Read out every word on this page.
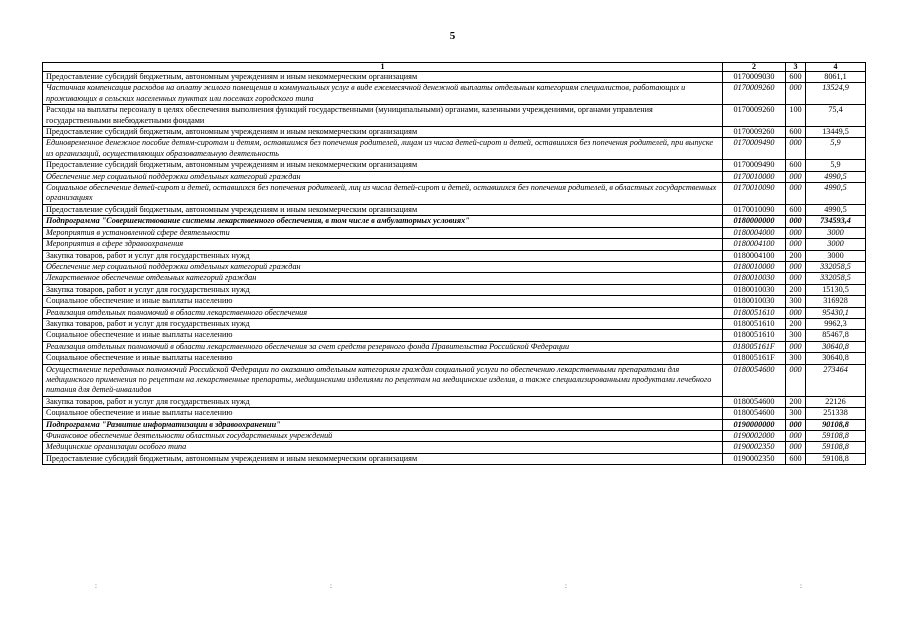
5
1	2	3	4
Предоставление субсидий бюджетным, автономным учреждениям и иным некоммерческим организациям	0170009030	600	8061,1
Частичная компенсация расходов на оплату жилого помещения и коммунальных услуг в виде ежемесячной денежной выплаты отдельным категориям специалистов, работающих и проживающих в сельских населенных пунктах или поселках городского типа	0170009260	000	13524,9
Расходы на выплаты персоналу в целях обеспечения выполнения функций государственными (муниципальными) органами, казенными учреждениями, органами управления государственными внебюджетными фондами	0170009260	100	75,4
Предоставление субсидий бюджетным, автономным учреждениям и иным некоммерческим организациям	0170009260	600	13449,5
Единовременное денежное пособие детям-сиротам и детям, оставшимся без попечения родителей, лицам из числа детей-сирот и детей, оставшихся без попечения родителей, при выпуске из организаций, осуществляющих образовательную деятельность	0170009490	000	5,9
Предоставление субсидий бюджетным, автономным учреждениям и иным некоммерческим организациям	0170009490	600	5,9
Обеспечение мер социальной поддержки отдельных категорий граждан	0170010000	000	4990,5
Социальное обеспечение детей-сирот и детей, оставшихся без попечения родителей, лиц из числа детей-сирот и детей, оставшихся без попечения родителей, в областных государственных организациях	0170010090	000	4990,5
Предоставление субсидий бюджетным, автономным учреждениям и иным некоммерческим организациям	0170010090	600	4990,5
Подпрограмма "Совершенствование системы лекарственного обеспечения, в том числе в амбулаторных условиях"	0180000000	000	734593,4
Мероприятия в установленной сфере деятельности	0180004000	000	3000
Мероприятия в сфере здравоохранения	0180004100	000	3000
Закупка товаров, работ и услуг для государственных нужд	0180004100	200	3000
Обеспечение мер социальной поддержки отдельных категорий граждан	0180010000	000	332058,5
Лекарственное обеспечение отдельных категорий граждан	0180010030	000	332058,5
Закупка товаров, работ и услуг для государственных нужд	0180010030	200	15130,5
Социальное обеспечение и иные выплаты населению	0180010030	300	316928
Реализация отдельных полномочий в области лекарственного обеспечения	0180051610	000	95430,1
Закупка товаров, работ и услуг для государственных нужд	0180051610	200	9962,3
Социальное обеспечение и иные выплаты населению	0180051610	300	85467,8
Реализация отдельных полномочий в области лекарственного обеспечения за счет средств резервного фонда Правительства Российской Федерации	018005161F	000	30640,8
Социальное обеспечение и иные выплаты населению	018005161F	300	30640,8
Осуществление переданных полномочий Российской Федерации по оказанию отдельным категориям граждан социальной услуги по обеспечению лекарственными препаратами для медицинского применения по рецептам на лекарственные препараты, медицинскими изделиями по рецептам на медицинские изделия, а также специализированными продуктами лечебного питания для детей-инвалидов	0180054600	000	273464
Закупка товаров, работ и услуг для государственных нужд	0180054600	200	22126
Социальное обеспечение и иные выплаты населению	0180054600	300	251338
Подпрограмма "Развитие информатизации в здравоохранении"	0190000000	000	90108,8
Финансовое обеспечение деятельности областных государственных учреждений	0190002000	000	59108,8
Медицинские организации особого типа	0190002350	000	59108,8
Предоставление субсидий бюджетным, автономным учреждениям и иным некоммерческим организациям	0190002350	600	59108,8
:	:	:	:
